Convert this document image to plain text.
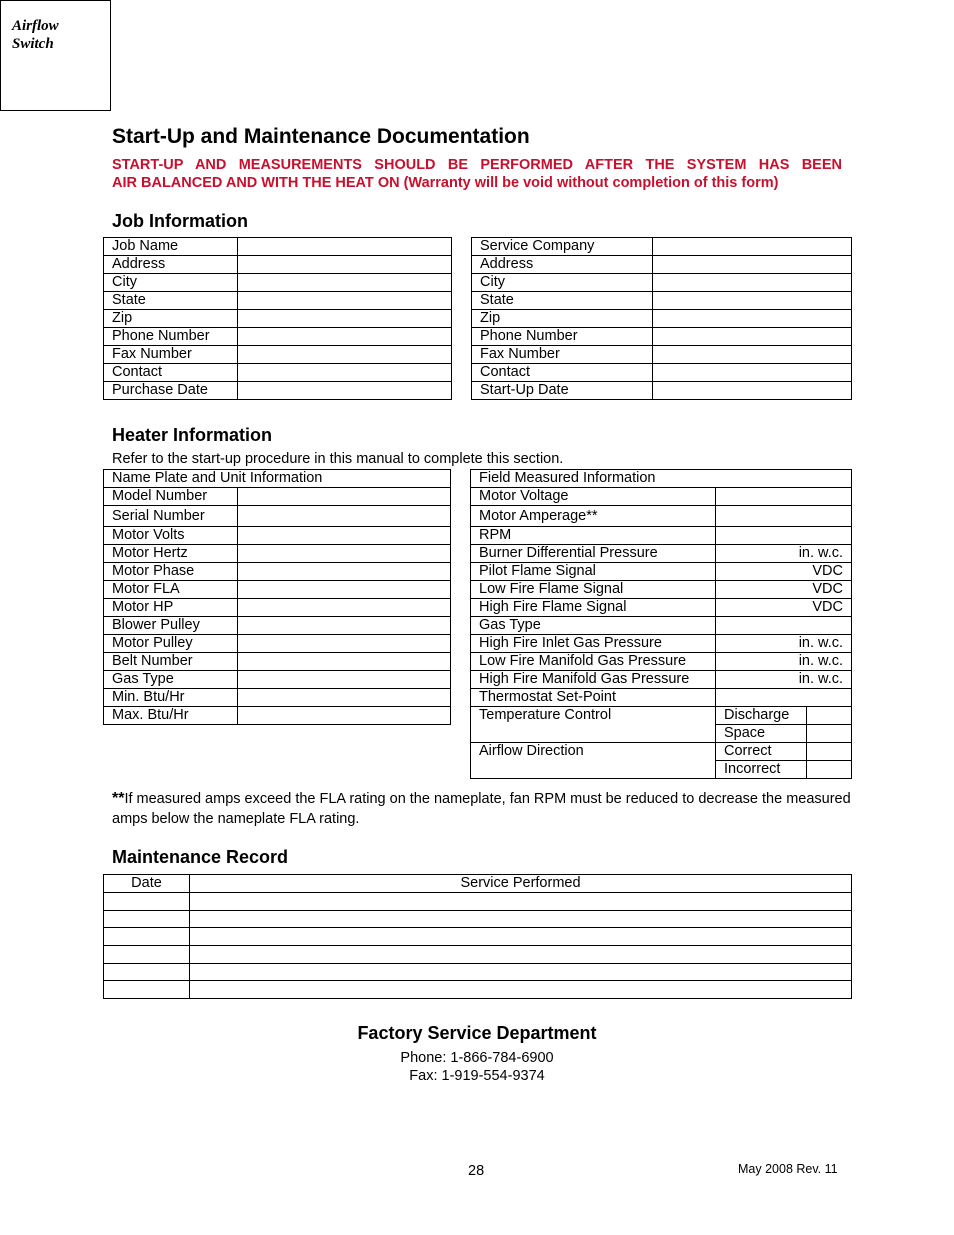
Airflow
Switch
Start-Up and Maintenance Documentation
START-UP AND MEASUREMENTS SHOULD BE PERFORMED AFTER THE SYSTEM HAS BEEN
AIR BALANCED AND WITH THE HEAT ON (Warranty will be void without completion of this form)
Job Information
Job Name	
Address	
City	
State	
Zip	
Phone Number	
Fax Number	
Contact	
Purchase Date	
Service Company	
Address	
City	
State	
Zip	
Phone Number	
Fax Number	
Contact	
Start-Up Date	
Heater Information
Refer to the start-up procedure in this manual to complete this section.
Name Plate and Unit Information	
Model Number	
Serial Number	
Motor Volts	
Motor Hertz	
Motor Phase	
Motor FLA	
Motor HP	
Blower Pulley	
Motor Pulley	
Belt Number	
Gas Type	
Min. Btu/Hr	
Max. Btu/Hr	
Field Measured Information		
Motor Voltage		
Motor Amperage**		
RPM		
Burner Differential Pressure	in. w.c.	
Pilot Flame Signal	VDC	
Low Fire Flame Signal	VDC	
High Fire Flame Signal	VDC	
Gas Type		
High Fire Inlet Gas Pressure	in. w.c.	
Low Fire Manifold Gas Pressure	in. w.c.	
High Fire Manifold Gas Pressure	in. w.c.	
Thermostat Set-Point		
Temperature Control	Discharge	
	Space	
Airflow Direction	Correct	
	Incorrect	
**If measured amps exceed the FLA rating on the nameplate, fan RPM must be reduced to decrease the measured amps below the nameplate FLA rating.
Maintenance Record
Date	Service Performed

Factory Service Department
Phone: 1-866-784-6900
Fax: 1-919-554-9374
28	May 2008 Rev. 11
